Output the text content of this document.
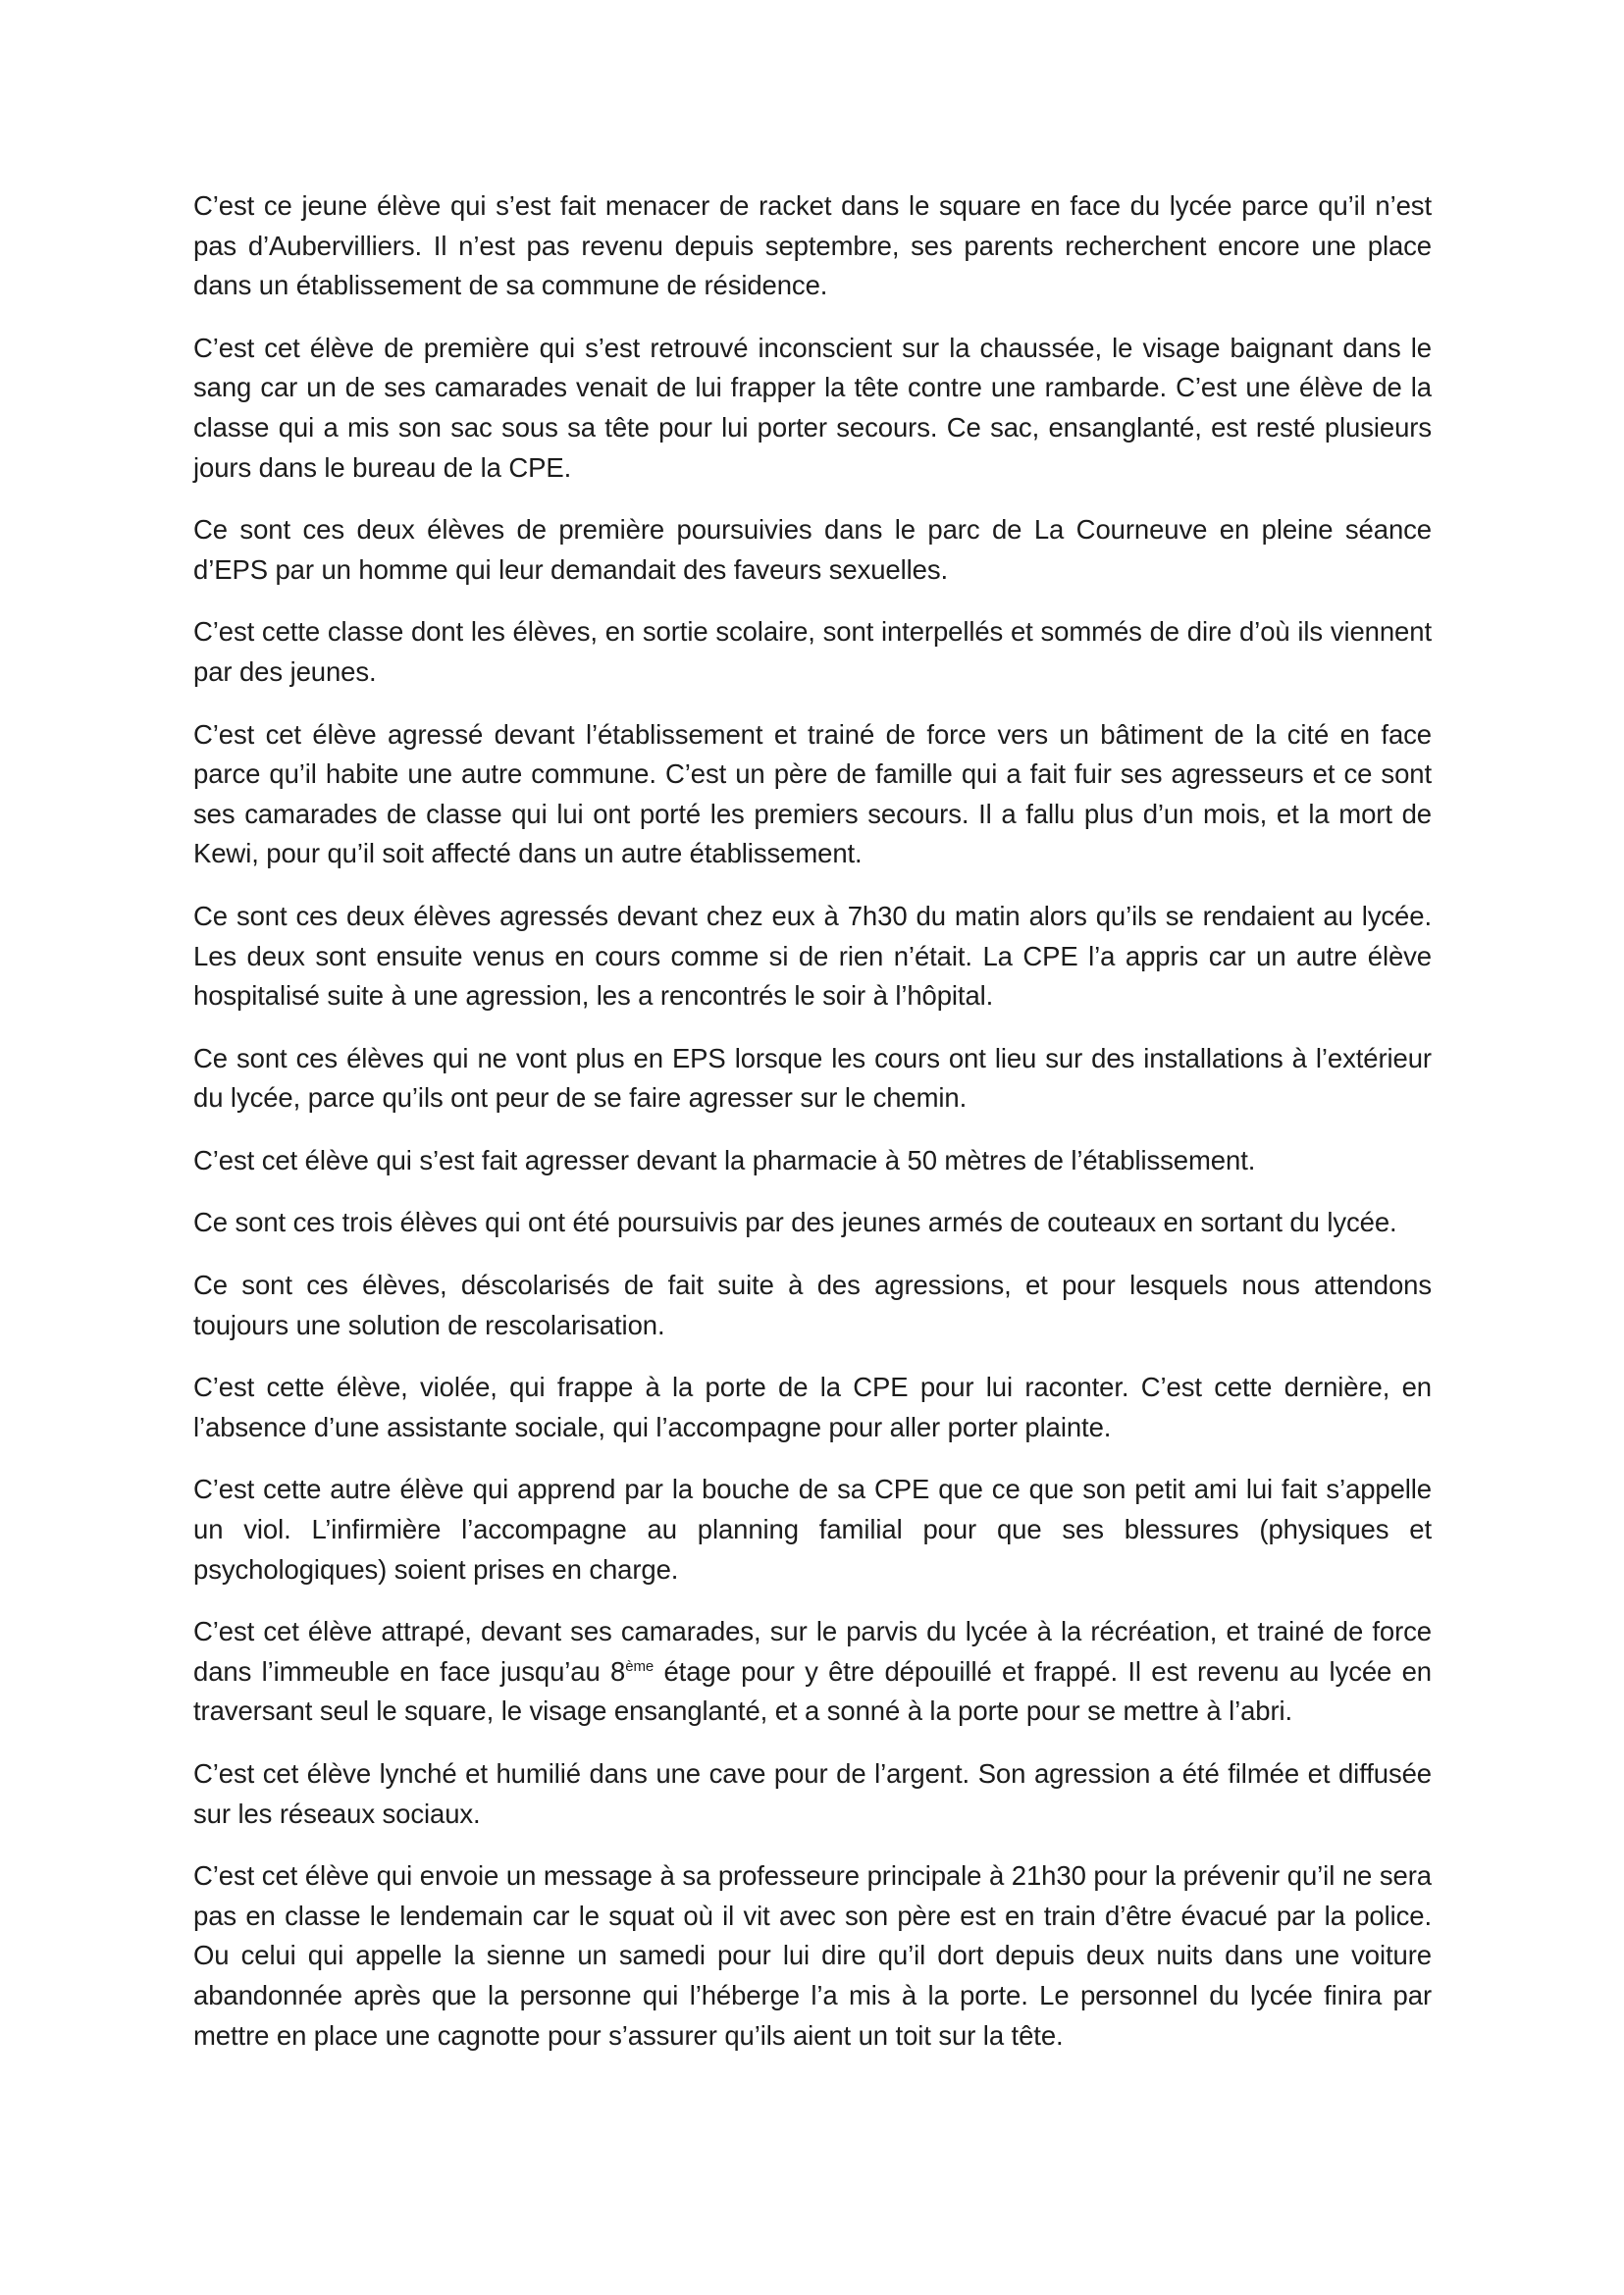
C’est ce jeune élève qui s’est fait menacer de racket dans le square en face du lycée parce qu’il n’est pas d’Aubervilliers. Il n’est pas revenu depuis septembre, ses parents recherchent encore une place dans un établissement de sa commune de résidence.

C’est cet élève de première qui s’est retrouvé inconscient sur la chaussée, le visage baignant dans le sang car un de ses camarades venait de lui frapper la tête contre une rambarde. C’est une élève de la classe qui a mis son sac sous sa tête pour lui porter secours. Ce sac, ensanglanté, est resté plusieurs jours dans le bureau de la CPE.

Ce sont ces deux élèves de première poursuivies dans le parc de La Courneuve en pleine séance d’EPS par un homme qui leur demandait des faveurs sexuelles.

C’est cette classe dont les élèves, en sortie scolaire, sont interpellés et sommés de dire d’où ils viennent par des jeunes.

C’est cet élève agressé devant l’établissement et trainé de force vers un bâtiment de la cité en face parce qu’il habite une autre commune. C’est un père de famille qui a fait fuir ses agresseurs et ce sont ses camarades de classe qui lui ont porté les premiers secours. Il a fallu plus d’un mois, et la mort de Kewi, pour qu’il soit affecté dans un autre établissement.

Ce sont ces deux élèves agressés devant chez eux à 7h30 du matin alors qu’ils se rendaient au lycée. Les deux sont ensuite venus en cours comme si de rien n’était. La CPE l’a appris car un autre élève hospitalisé suite à une agression, les a rencontrés le soir à l’hôpital.

Ce sont ces élèves qui ne vont plus en EPS lorsque les cours ont lieu sur des installations à l’extérieur du lycée, parce qu’ils ont peur de se faire agresser sur le chemin.

C’est cet élève qui s’est fait agresser devant la pharmacie à 50 mètres de l’établissement.

Ce sont ces trois élèves qui ont été poursuivis par des jeunes armés de couteaux en sortant du lycée.

Ce sont ces élèves, déscolarisés de fait suite à des agressions, et pour lesquels nous attendons toujours une solution de rescolarisation.

C’est cette élève, violée, qui frappe à la porte de la CPE pour lui raconter. C’est cette dernière, en l’absence d’une assistante sociale, qui l’accompagne pour aller porter plainte.

C’est cette autre élève qui apprend par la bouche de sa CPE que ce que son petit ami lui fait s’appelle un viol. L’infirmière l’accompagne au planning familial pour que ses blessures (physiques et psychologiques) soient prises en charge.

C’est cet élève attrapé, devant ses camarades, sur le parvis du lycée à la récréation, et trainé de force dans l’immeuble en face jusqu’au 8ème étage pour y être dépouillé et frappé. Il est revenu au lycée en traversant seul le square, le visage ensanglanté, et a sonné à la porte pour se mettre à l’abri.

C’est cet élève lynché et humilié dans une cave pour de l’argent. Son agression a été filmée et diffusée sur les réseaux sociaux.

C’est cet élève qui envoie un message à sa professeure principale à 21h30 pour la prévenir qu’il ne sera pas en classe le lendemain car le squat où il vit avec son père est en train d’être évacué par la police. Ou celui qui appelle la sienne un samedi pour lui dire qu’il dort depuis deux nuits dans une voiture abandonnée après que la personne qui l’héberge l’a mis à la porte. Le personnel du lycée finira par mettre en place une cagnotte pour s’assurer qu’ils aient un toit sur la tête.
